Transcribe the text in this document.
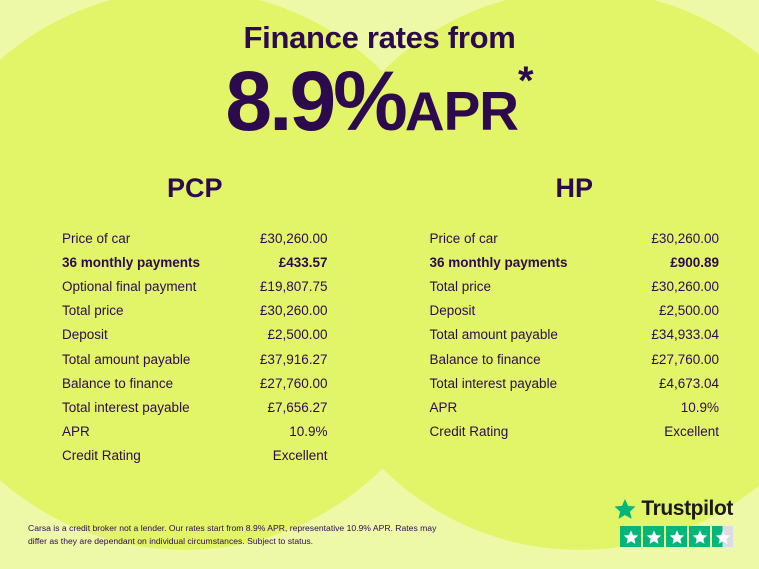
Finance rates from
8.9%APR*
PCP
Price of car	£30,260.00
36 monthly payments	£433.57
Optional final payment	£19,807.75
Total price	£30,260.00
Deposit	£2,500.00
Total amount payable	£37,916.27
Balance to finance	£27,760.00
Total interest payable	£7,656.27
APR	10.9%
Credit Rating	Excellent
HP
Price of car	£30,260.00
36 monthly payments	£900.89
Total price	£30,260.00
Deposit	£2,500.00
Total amount payable	£34,933.04
Balance to finance	£27,760.00
Total interest payable	£4,673.04
APR	10.9%
Credit Rating	Excellent
Carsa is a credit broker not a lender. Our rates start from 8.9% APR, representative 10.9% APR. Rates may differ as they are dependant on individual circumstances. Subject to status.
Trustpilot
